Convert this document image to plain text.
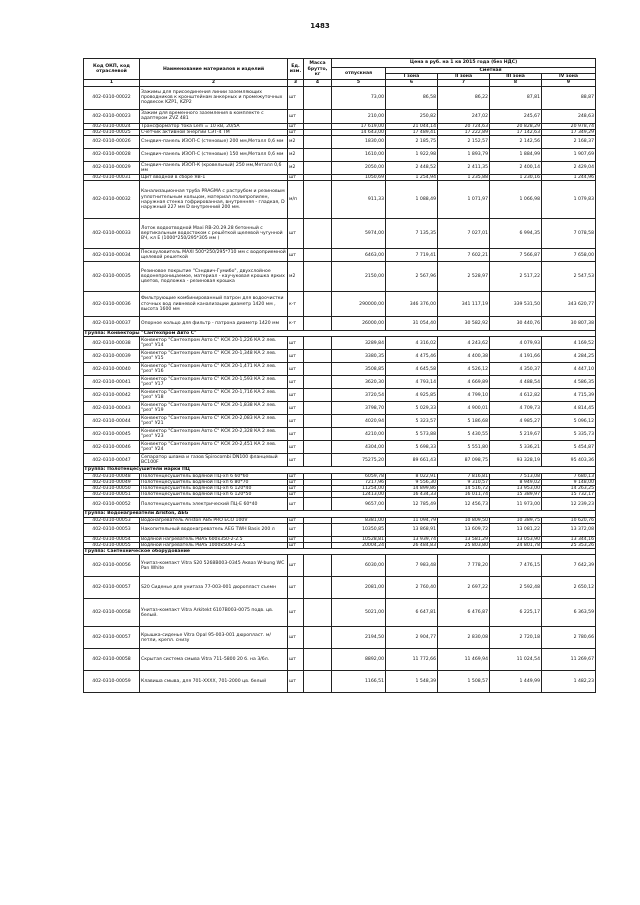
1483
Код ОКП, код отраслевой	Наименование материалов и изделий	Ед. изм.	Масса брутто, кг	Цена в руб. на 1 кв 2015 года (без НДС)				
				отпускная	Сметная			
					I зона	II зона	III зона	IV зона
1	2	3	4	5	6	7	8	9
402-0310-00022	Зажимы для присоединения линии заземляющих проводников к кронштейнам анкерных и промежуточных подвесок KZP1, KZP2	шт		73,00	86,58	86,22	87,81	88,87
402-0310-00023	Зажим для временного заземления в комплекте с адаптером ZVZ 481	шт		210,00	250,82	247,02	245,67	248,63
402-0310-00024	Трансформатор тока Lem = 10 кВ, 20/5А	шт		17 619,00	21 044,14	20 724,63	20 828,29	20 978,74
402-0310-00025	Счётчик активной энергии СЭТ-4 ТМ	шт		14 643,00	17 489,41	17 222,89	17 142,63	17 349,29
402-0310-00026	Сэндвич-панель ИЗОП-С (стеновые) 200 мм,Металл 0,6 мм	м2		1830,00	2 185,75	2 152,57	2 142,56	2 168,37
402-0310-00028	Сэндвич-панель ИЗОП-С (стеновые) 150 мм,Металл 0,6 мм	м2		1610,00	1 922,98	1 893,79	1 884,99	1 907,69
402-0310-00029	Сэндвич-панель ИЗОП-К (кровельный) 250 мм,Металл 0,6 мм	м2		2050,00	2 448,52	2 411,35	2 400,14	2 429,04
402-0310-00031	Щит вводной в сборе ЯВ-1	шт		1050,69	1 254,94	1 235,88	1 230,16	1 244,96
402-0310-00032	Канализационная труба PRAGMA с раструбом и резиновым уплотнительным кольцом, материал полипропилен, наружная стенка гофрированная, внутренняя - гладкая, D наружный 227 мм D внутренний 200 мм.	м/п		911,33	1 088,49	1 071,97	1 066,98	1 079,83
402-0310-00033	Лоток водоотводной Maxi RB-20.29.28 бетонный с вертикальным водостоком с решёткой щелевой чугунной ВЧ, кл Е (1000*250/295*305 мм )	шт		5974,00	7 135,35	7 027,01	6 994,35	7 078,58
402-0310-00034	Пескоуловитель MAXI 500*250/295*710 мм с водоприемной щелевой решеткой	шт		6463,00	7 719,41	7 602,21	7 566,87	7 658,00
402-0310-00035	Резиновое покрытие "Сэндвич-Гумибо", двухслойное водонепроницаемое, материал - каучуковая крошка ярких цветов, подложка - резиновая крошка	м2		2150,00	2 567,96	2 528,97	2 517,22	2 547,53
402-0310-00036	Фильтрующие комбинированный патрон для водоочистки сточных вод ливневой канализации диаметр 1420 мм , высота 1600 мм	к-т		290000,00	346 376,00	341 117,19	339 531,50	343 620,77
402-0310-00037	Опорное кольцо для фильтр - патрона диаметр 1420 мм	к-т		26000,00	31 054,40	30 582,92	30 440,76	30 807,38
Группа: Конвекторы "Сантехпром Авто С"								
402-0310-00038	Конвектор "Сантехпром Авто С" КСК 20-1,226 КА 2 лев. "рез" У14	шт		3289,84	4 316,02	4 243,62	4 079,93	4 169,52
402-0310-00039	Конвектор "Сантехпром Авто С" КСК 20-1,348 КА 2 лев. "рез" У15	шт		3380,35	4 475,46	4 400,38	4 191,66	4 284,25
402-0310-00040	Конвектор "Сантехпром Авто С" КСК 20-1,471 КА 2 лев. "рез" У16	шт		3508,85	4 645,58	4 526,12	4 350,37	4 447,10
402-0310-00041	Конвектор "Сантехпром Авто С" КСК 20-1,593 КА 2 лев. "рез" У17	шт		3620,30	4 793,14	4 669,89	4 488,54	4 586,35
402-0310-00042	Конвектор "Сантехпром Авто С" КСК 20-1,716 КА 2 лев. "рез" У18	шт		3720,54	4 925,85	4 799,10	4 612,82	4 715,39
402-0310-00043	Конвектор "Сантехпром Авто С" КСК 20-1,838 КА 2 лев. "рез" У19	шт		3798,70	5 029,33	4 900,01	4 709,73	4 814,45
402-0310-00044	Конвектор "Сантехпром Авто С" КСК 20-2,083 КА 2 лев. "рез" У21	шт		4020,94	5 323,57	5 186,68	4 985,27	5 096,12
402-0310-00045	Конвектор "Сантехпром Авто С" КСК 20-2,328 КА 2 лев. "рез" У23	шт		4210,00	5 573,88	5 430,55	5 219,67	5 335,73
402-0310-00046	Конвектор "Сантехпром Авто С" КСК 20-2,451 КА 2 лев. "рез" У24	шт		4304,00	5 698,33	5 551,80	5 336,21	5 454,87
402-0310-00047	Сепаратор шлама и газов Spirocombi DN100 фланцевый BC100F	шт		75275,20	89 661,43	87 098,75	93 328,19	95 403,36
Группа: Полотенцесушители марки ПЦ								
402-0310-00048	Полотенцесушитель водяной ПЦ-хп 6 60*60	шт		6059,78	8 022,91	7 816,81	7 513,08	7 680,13
402-0310-00049	Полотенцесушитель водяной ПЦ-хп 6 80*70	шт		7217,96	9 556,30	9 310,57	8 949,02	9 148,00
402-0310-00050	Полотенцесушитель водяной ПЦ-хп 6 120*40	шт		11254,00	14 899,86	14 516,72	13 953,00	14 263,25
402-0310-00051	Полотенцесушитель водяной ПЦ-хп 6 120*50	шт		12413,00	16 434,33	16 011,74	15 389,97	15 732,17
402-0310-00052	Полотенцесушитель электрический ПЦ-Е 60*40	шт		9657,00	12 785,49	12 456,73	11 973,00	12 239,23
Группа: Водонагреватели Ariston, AEG								
402-0310-00053	Водонагреватель Ariston ABS PRO ECO 100V	шт		8381,00	11 094,79	10 809,50	10 389,75	10 620,76
402-0310-00053	Накопительный водонагреватель AEG TWH Basis 200 л	шт		10350,85	13 868,91	13 609,72	13 081,22	13 372,08
402-0310-00054	Водяной нагреватель PBAS 600x350-2-2.5	шт		10528,81	13 939,74	13 581,29	13 053,90	13 344,16
402-0310-00055	Водяной нагреватель PBAS 1000x500-3-2.5	шт		20004,24	26 484,83	25 803,80	24 801,78	25 353,26
Группа: Сантехническое оборудование								
402-0310-00056	Унитаз-компакт Vitra S20 5268B003-0345 Акваз W-bung WC Pan White	шт		6030,00	7 983,48	7 778,20	7 476,15	7 642,39
402-0310-00057	S20 Сиденье для унитаза 77-003-001 дюропласт съемн	шт		2081,00	2 760,40	2 697,22	2 592,48	2 650,12
402-0310-00058	Унитаз-компакт Vitra Arkitekt 6107B003-0075 подв. цв. белый.	шт		5021,00	6 647,81	6 476,87	6 225,17	6 363,59
402-0310-00057	Крышка-сиденье Vitra Opal 95-003-001 дюропласт. м/петли, крепл. снизу	шт		2194,50	2 904,77	2 830,08	2 720,18	2 780,66
402-0310-00058	Скрытая система смыва Vitra 711-5800 20 б. на 3/6л.	шт		8892,00	11 772,66	11 469,94	11 024,54	11 269,67
402-0310-00059	Клавиша смыва, для 701-XXXX, 701-2000 цв. белый	шт		1166,51	1 548,39	1 508,57	1 449,99	1 482,23
